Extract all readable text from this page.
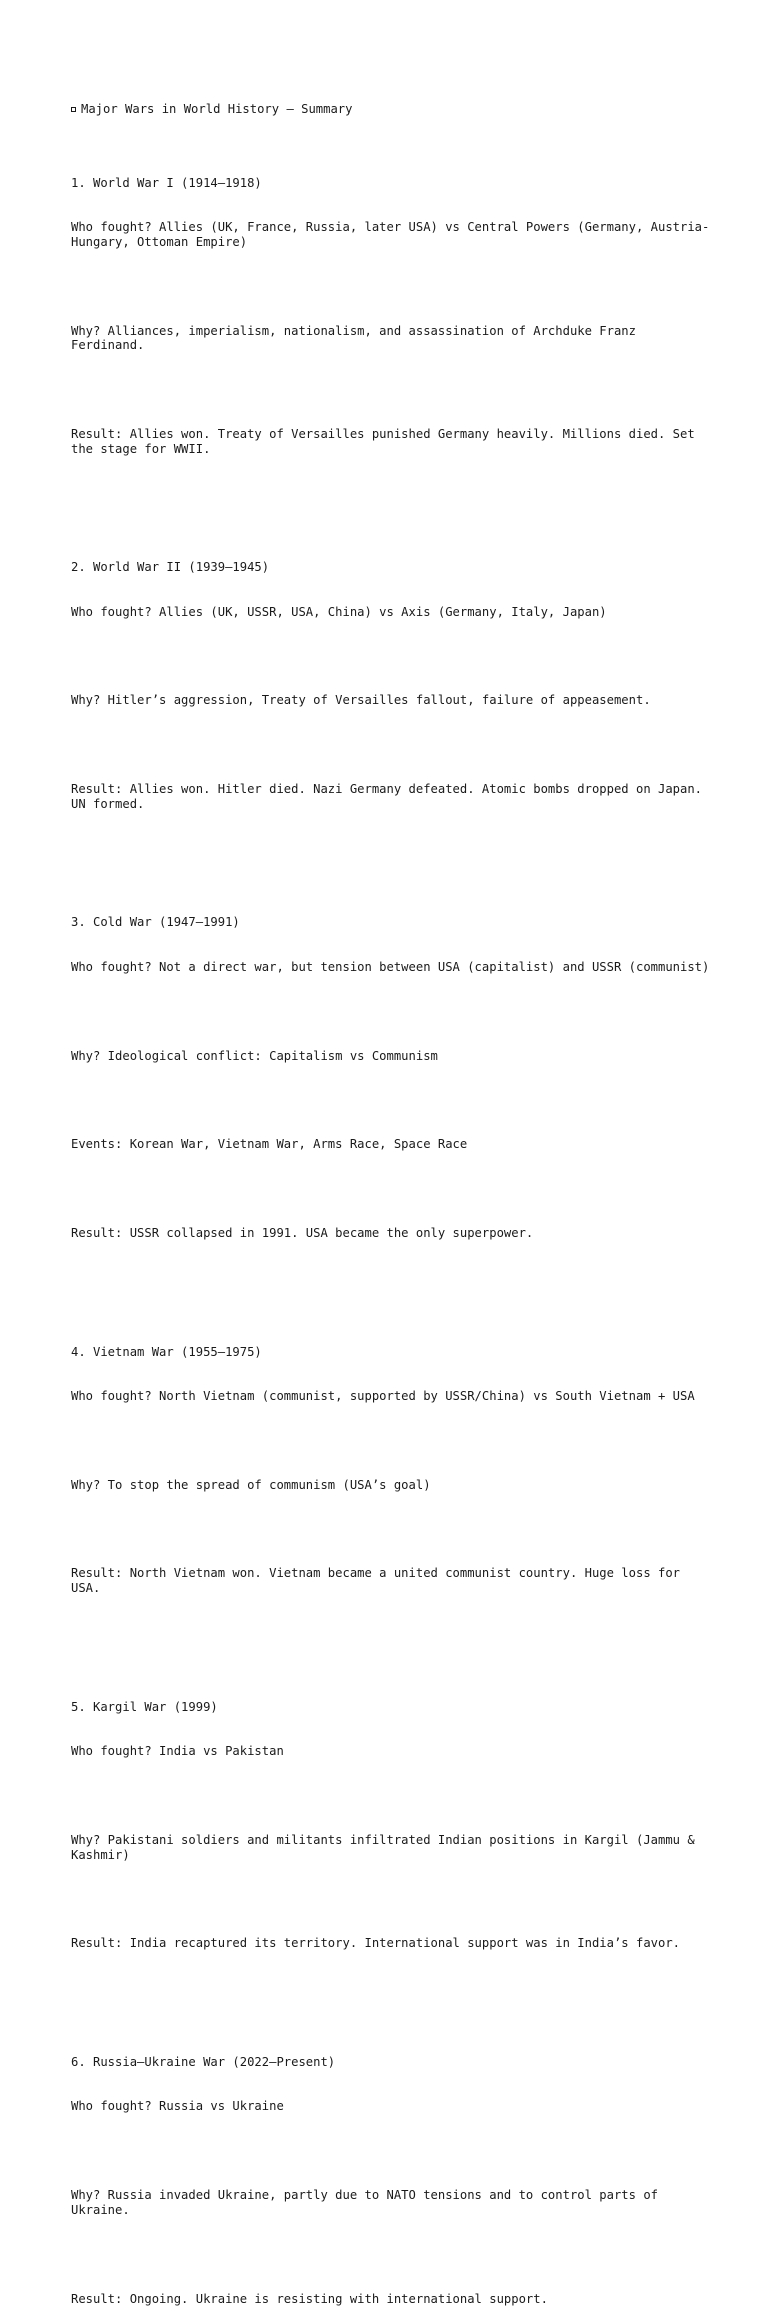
Major Wars in World History – Summary

1. World War I (1914–1918)

Who fought? Allies (UK, France, Russia, later USA) vs Central Powers (Germany, Austria-Hungary, Ottoman Empire)

Why? Alliances, imperialism, nationalism, and assassination of Archduke Franz Ferdinand.

Result: Allies won. Treaty of Versailles punished Germany heavily. Millions died. Set the stage for WWII.

2. World War II (1939–1945)

Who fought? Allies (UK, USSR, USA, China) vs Axis (Germany, Italy, Japan)

Why? Hitler’s aggression, Treaty of Versailles fallout, failure of appeasement.

Result: Allies won. Hitler died. Nazi Germany defeated. Atomic bombs dropped on Japan. UN formed.

3. Cold War (1947–1991)

Who fought? Not a direct war, but tension between USA (capitalist) and USSR (communist)

Why? Ideological conflict: Capitalism vs Communism

Events: Korean War, Vietnam War, Arms Race, Space Race

Result: USSR collapsed in 1991. USA became the only superpower.

4. Vietnam War (1955–1975)

Who fought? North Vietnam (communist, supported by USSR/China) vs South Vietnam + USA

Why? To stop the spread of communism (USA’s goal)

Result: North Vietnam won. Vietnam became a united communist country. Huge loss for USA.

5. Kargil War (1999)

Who fought? India vs Pakistan

Why? Pakistani soldiers and militants infiltrated Indian positions in Kargil (Jammu & Kashmir)

Result: India recaptured its territory. International support was in India’s favor.

6. Russia–Ukraine War (2022–Present)

Who fought? Russia vs Ukraine

Why? Russia invaded Ukraine, partly due to NATO tensions and to control parts of Ukraine.

Result: Ongoing. Ukraine is resisting with international support.
